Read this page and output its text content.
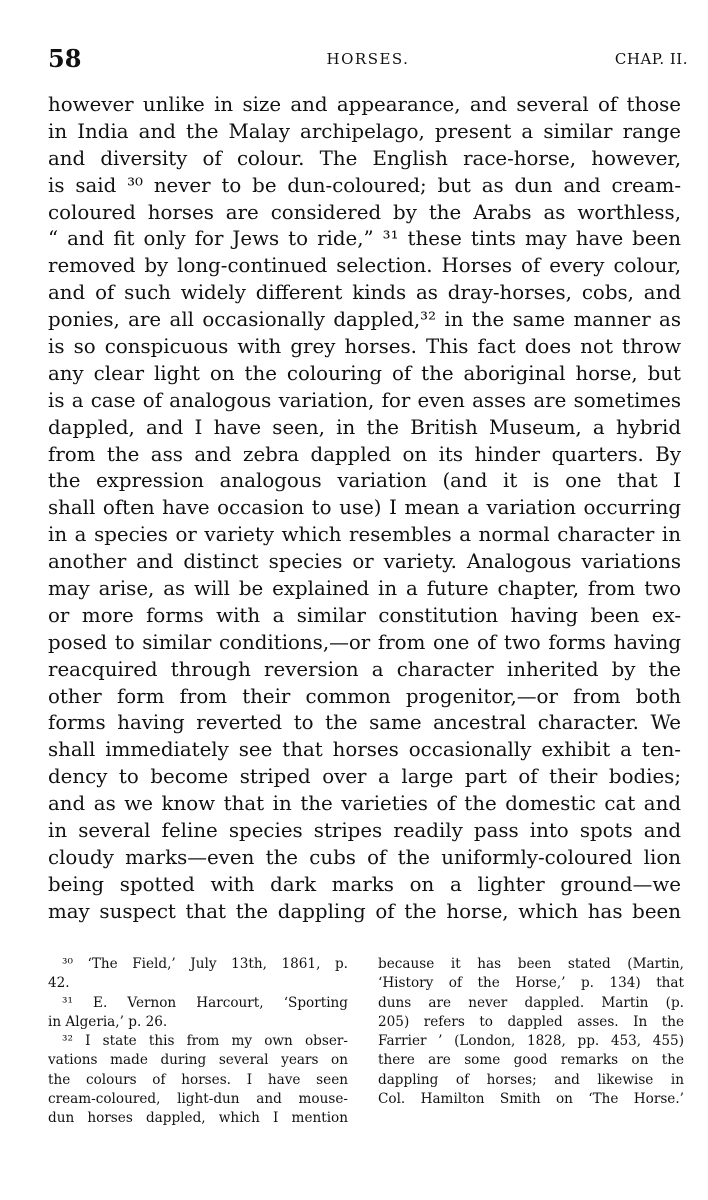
58	HORSES.	CHAP. II.
however unlike in size and appearance, and several of those
in India and the Malay archipelago, present a similar range
and diversity of colour. The English race-horse, however,
is said ³⁰ never to be dun-coloured; but as dun and cream-
coloured horses are considered by the Arabs as worthless,
“ and fit only for Jews to ride,” ³¹ these tints may have been
removed by long-continued selection. Horses of every colour,
and of such widely different kinds as dray-horses, cobs, and
ponies, are all occasionally dappled,³² in the same manner as
is so conspicuous with grey horses. This fact does not throw
any clear light on the colouring of the aboriginal horse, but
is a case of analogous variation, for even asses are sometimes
dappled, and I have seen, in the British Museum, a hybrid
from the ass and zebra dappled on its hinder quarters. By
the expression analogous variation (and it is one that I
shall often have occasion to use) I mean a variation occurring
in a species or variety which resembles a normal character in
another and distinct species or variety. Analogous variations
may arise, as will be explained in a future chapter, from two
or more forms with a similar constitution having been ex-
posed to similar conditions,—or from one of two forms having
reacquired through reversion a character inherited by the
other form from their common progenitor,—or from both
forms having reverted to the same ancestral character. We
shall immediately see that horses occasionally exhibit a ten-
dency to become striped over a large part of their bodies;
and as we know that in the varieties of the domestic cat and
in several feline species stripes readily pass into spots and
cloudy marks—even the cubs of the uniformly-coloured lion
being spotted with dark marks on a lighter ground—we
may suspect that the dappling of the horse, which has been
³⁰ ‘The Field,’ July 13th, 1861, p.
42.
³¹ E. Vernon Harcourt, ‘Sporting
in Algeria,’ p. 26.
³² I state this from my own obser-
vations made during several years on
the colours of horses. I have seen
cream-coloured, light-dun and mouse-
dun horses dappled, which I mention
because it has been stated (Martin,
‘History of the Horse,’ p. 134) that
duns are never dappled. Martin (p.
205) refers to dappled asses. In the
Farrier ’ (London, 1828, pp. 453, 455)
there are some good remarks on the
dappling of horses; and likewise in
Col. Hamilton Smith on ‘The Horse.’
